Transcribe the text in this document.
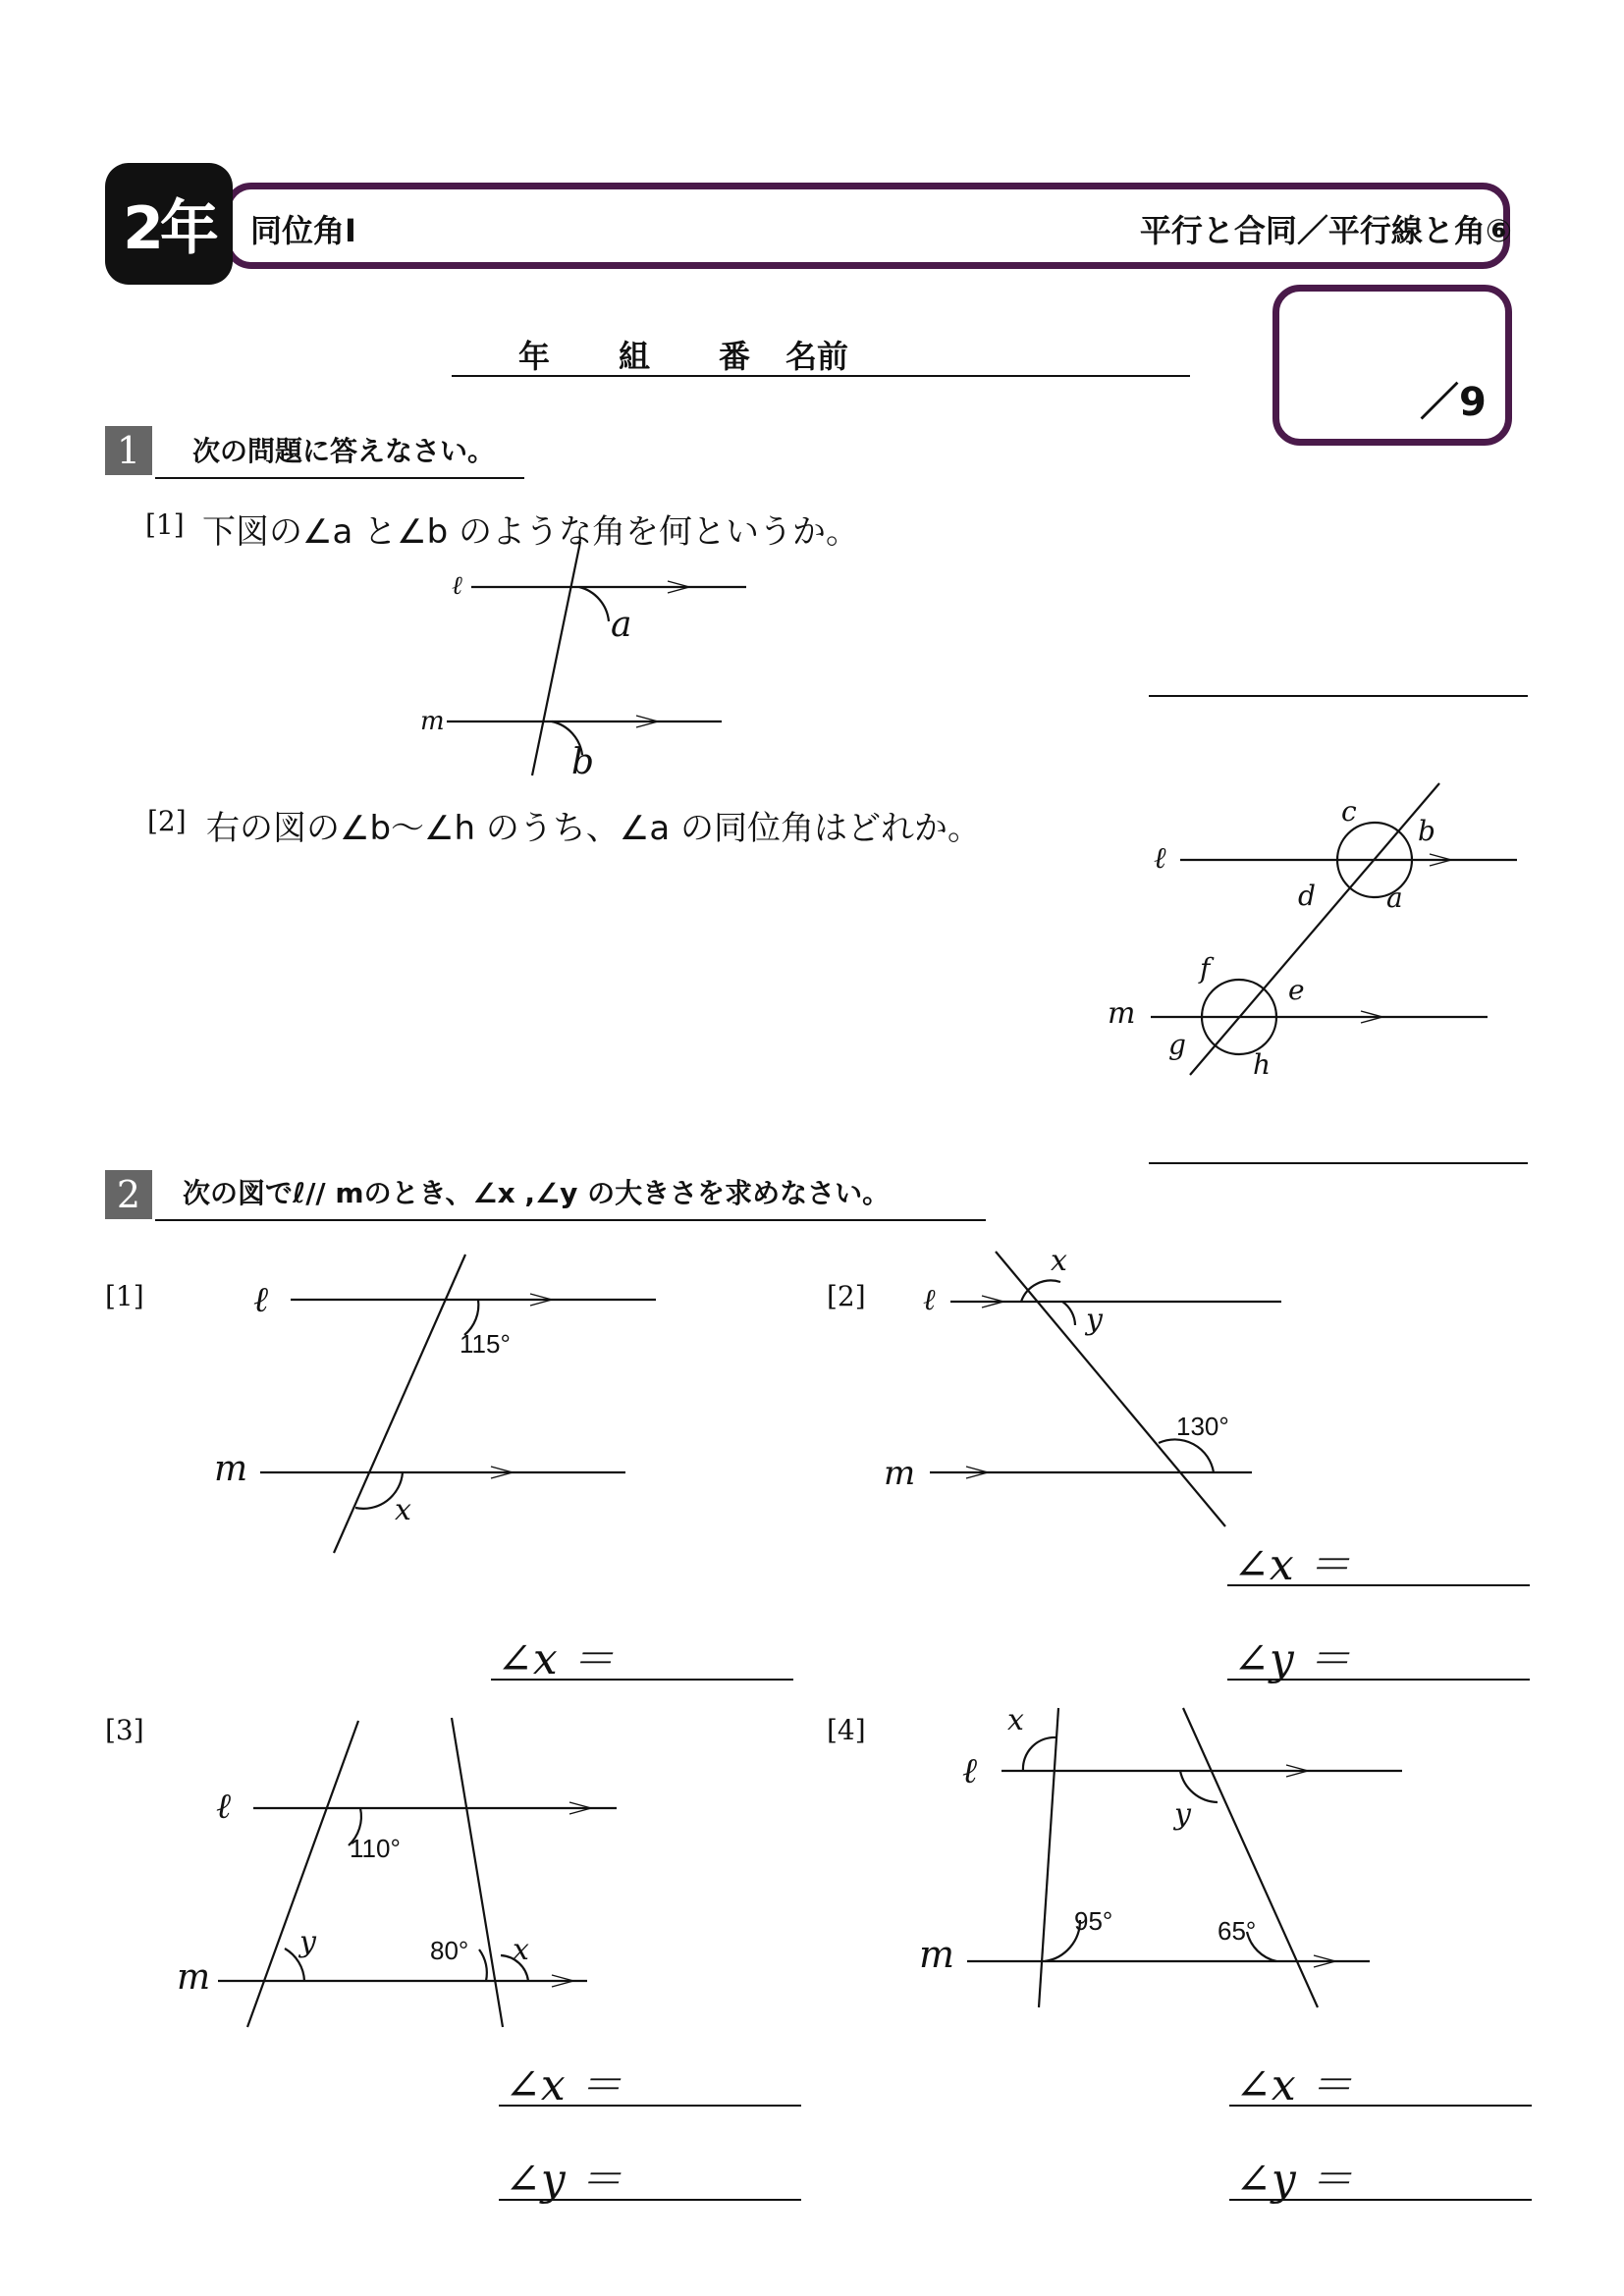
2年	同位角Ⅰ	平行と合同／平行線と角⑥
年 組 番 名前
／9
1	次の問題に答えなさい。
[1] 下図の∠a と∠b のような角を何というか。
ℓ
m
a
b
ℓ
m
c
b
d	a
f
e
g
h
ℓ
m
115°
x
ℓ
m
x
y
130°
ℓ
m
110°
y	80° x
x
ℓ
y
m
95°	65°
[2] 右の図の∠b〜∠h のうち、∠a の同位角はどれか。
2	次の図でℓ// mのとき、∠x ,∠y の大きさを求めなさい。
[1]	[2]
[3]	[4]
∠x ＝
∠x ＝	∠y ＝
∠x ＝	∠x ＝
∠y ＝	∠y ＝
